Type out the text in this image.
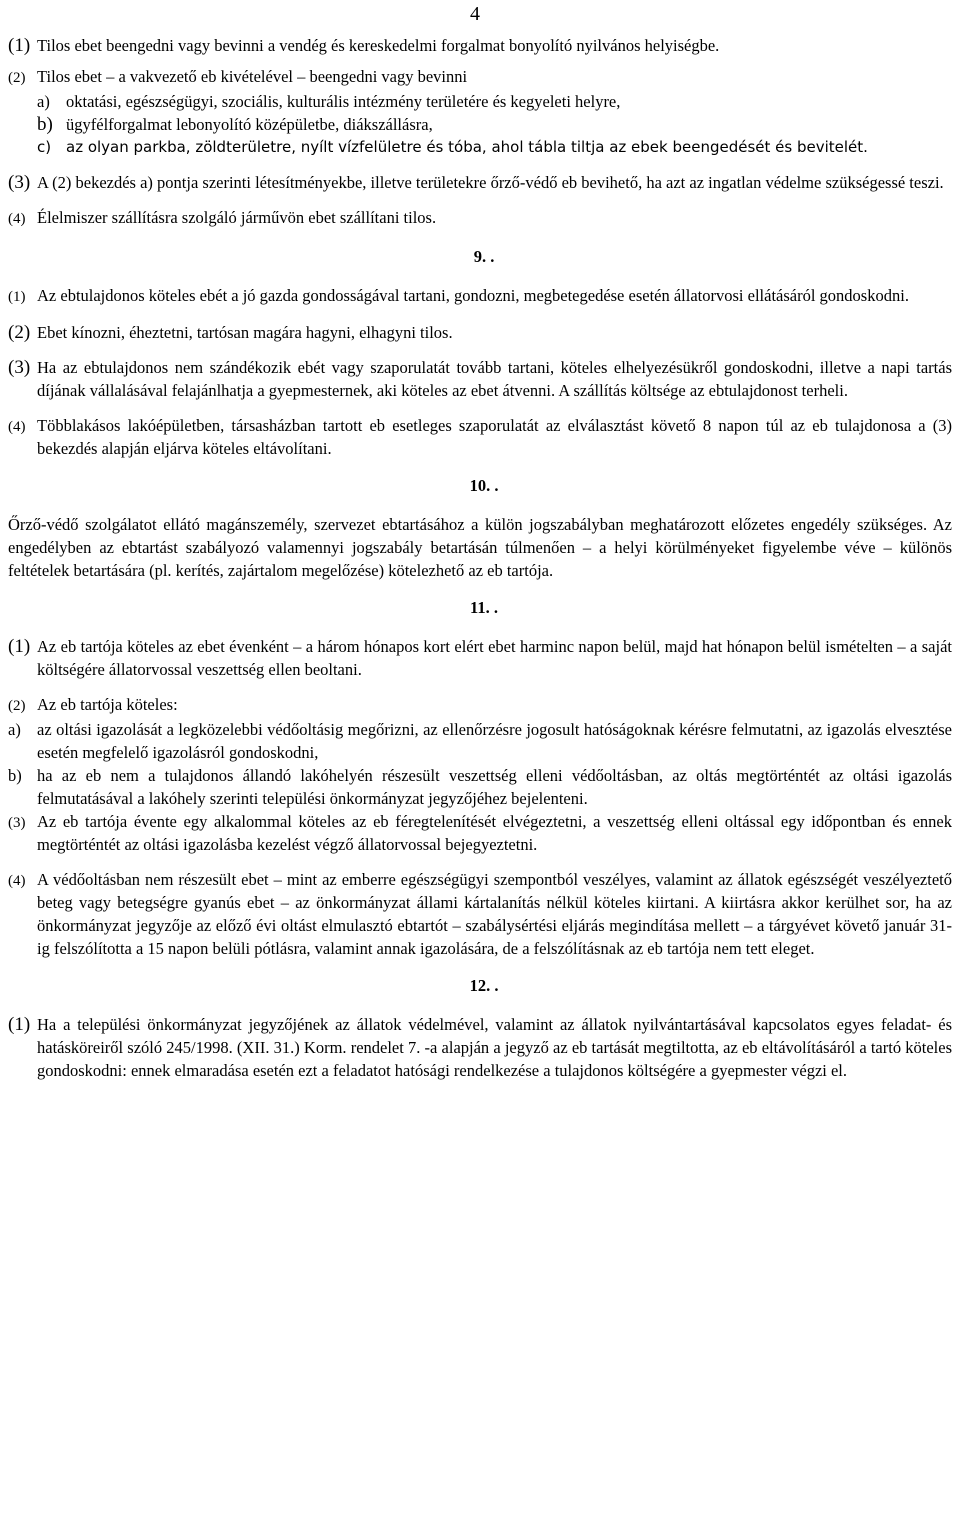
4
(1) Tilos ebet beengedni vagy bevinni a vendég és kereskedelmi forgalmat bonyolító nyilvános helyiségbe.
(2) Tilos ebet – a vakvezető eb kivételével – beengedni vagy bevinni
a) oktatási, egészségügyi, szociális, kulturális intézmény területére és kegyeleti helyre,
b) ügyfélforgalmat lebonyolító középületbe, diákszállásra,
c) az olyan parkba, zöldterületre, nyílt vízfelületre és tóba, ahol tábla tiltja az ebek beengedését és bevitelét.
(3) A (2) bekezdés a) pontja szerinti létesítményekbe, illetve területekre őrző-védő eb bevihető, ha azt az ingatlan védelme szükségessé teszi.
(4) Élelmiszer szállításra szolgáló járművön ebet szállítani tilos.
9. .
(1) Az ebtulajdonos köteles ebét a jó gazda gondosságával tartani, gondozni, megbetegedése esetén állatorvosi ellátásáról gondoskodni.
(2) Ebet kínozni, éheztetni, tartósan magára hagyni, elhagyni tilos.
(3) Ha az ebtulajdonos nem szándékozik ebét vagy szaporulatát tovább tartani, köteles elhelyezésükről gondoskodni, illetve a napi tartás díjának vállalásával felajánlhatja a gyepmesternek, aki köteles az ebet átvenni. A szállítás költsége az ebtulajdonost terheli.
(4) Többlakásos lakóépületben, társasházban tartott eb esetleges szaporulatát az elválasztást követő 8 napon túl az eb tulajdonosa a (3) bekezdés alapján eljárva köteles eltávolítani.
10. .
Őrző-védő szolgálatot ellátó magánszemély, szervezet ebtartásához a külön jogszabályban meghatározott előzetes engedély szükséges. Az engedélyben az ebtartást szabályozó valamennyi jogszabály betartásán túlmenően – a helyi körülményeket figyelembe véve – különös feltételek betartására (pl. kerítés, zajártalom megelőzése) kötelezhető az eb tartója.
11. .
(1) Az eb tartója köteles az ebet évenként – a három hónapos kort elért ebet harminc napon belül, majd hat hónapon belül ismételten – a saját költségére állatorvossal veszettség ellen beoltani.
(2) Az eb tartója köteles:
a) az oltási igazolását a legközelebbi védőoltásig megőrizni, az ellenőrzésre jogosult hatóságoknak kérésre felmutatni, az igazolás elvesztése esetén megfelelő igazolásról gondoskodni,
b) ha az eb nem a tulajdonos állandó lakóhelyén részesült veszettség elleni védőoltásban, az oltás megtörténtét az oltási igazolás felmutatásával a lakóhely szerinti települési önkormányzat jegyzőjéhez bejelenteni.
(3) Az eb tartója évente egy alkalommal köteles az eb féregtelenítését elvégeztetni, a veszettség elleni oltással egy időpontban és ennek megtörténtét az oltási igazolásba kezelést végző állatorvossal bejegyeztetni.
(4) A védőoltásban nem részesült ebet – mint az emberre egészségügyi szempontból veszélyes, valamint az állatok egészségét veszélyeztető beteg vagy betegségre gyanús ebet – az önkormányzat állami kártalanítás nélkül köteles kiirtani. A kiirtásra akkor kerülhet sor, ha az önkormányzat jegyzője az előző évi oltást elmulasztó ebtartót – szabálysértési eljárás megindítása mellett – a tárgyévet követő január 31-ig felszólította a 15 napon belüli pótlásra, valamint annak igazolására, de a felszólításnak az eb tartója nem tett eleget.
12. .
(1) Ha a települési önkormányzat jegyzőjének az állatok védelmével, valamint az állatok nyilvántartásával kapcsolatos egyes feladat- és hatásköreiről szóló 245/1998. (XII. 31.) Korm. rendelet 7. -a alapján a jegyző az eb tartását megtiltotta, az eb eltávolításáról a tartó köteles gondoskodni: ennek elmaradása esetén ezt a feladatot hatósági rendelkezése a tulajdonos költségére a gyepmester végzi el.
